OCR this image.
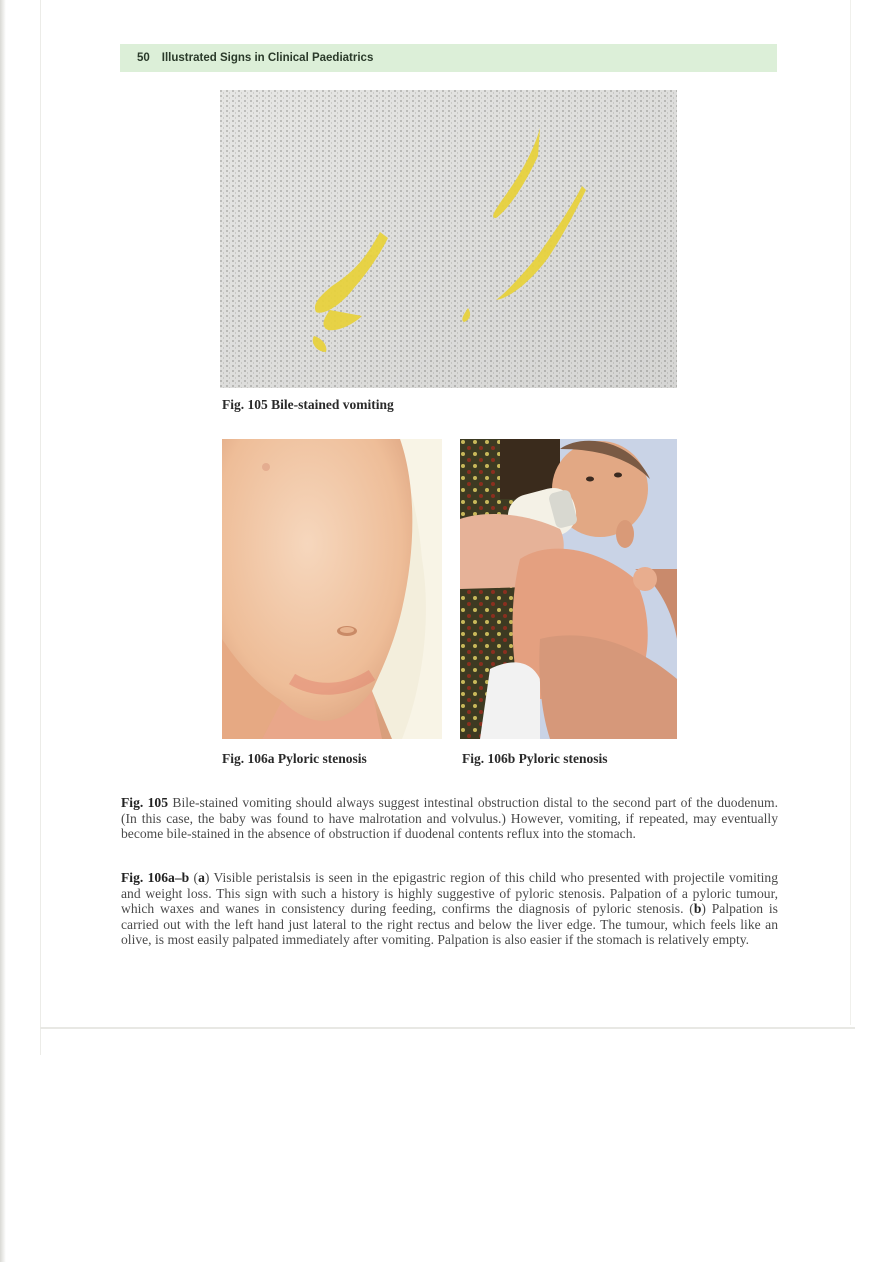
50 Illustrated Signs in Clinical Paediatrics
Fig. 105 Bile-stained vomiting
Fig. 106a Pyloric stenosis	Fig. 106b Pyloric stenosis
Fig. 105 Bile-stained vomiting should always suggest intestinal obstruction distal to the second part of the duodenum. (In this case, the baby was found to have malrotation and volvulus.) However, vomiting, if repeated, may eventually become bile-stained in the absence of obstruction if duodenal contents reflux into the stomach.
Fig. 106a–b (a) Visible peristalsis is seen in the epigastric region of this child who presented with projectile vomiting and weight loss. This sign with such a history is highly suggestive of pyloric stenosis. Palpation of a pyloric tumour, which waxes and wanes in consistency during feeding, confirms the diagnosis of pyloric stenosis. (b) Palpation is carried out with the left hand just lateral to the right rectus and below the liver edge. The tumour, which feels like an olive, is most easily palpated immediately after vomiting. Palpation is also easier if the stomach is relatively empty.
